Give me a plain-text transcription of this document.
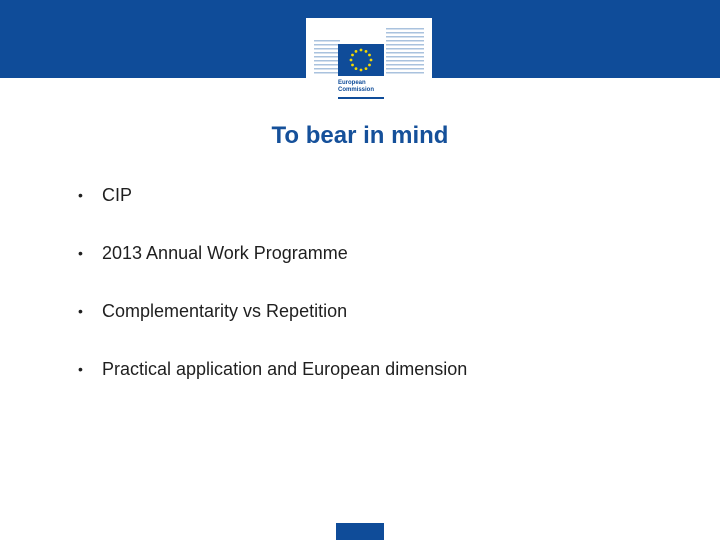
European
Commission
To bear in mind
• CIP
• 2013 Annual Work Programme
• Complementarity vs Repetition
• Practical application and European dimension
